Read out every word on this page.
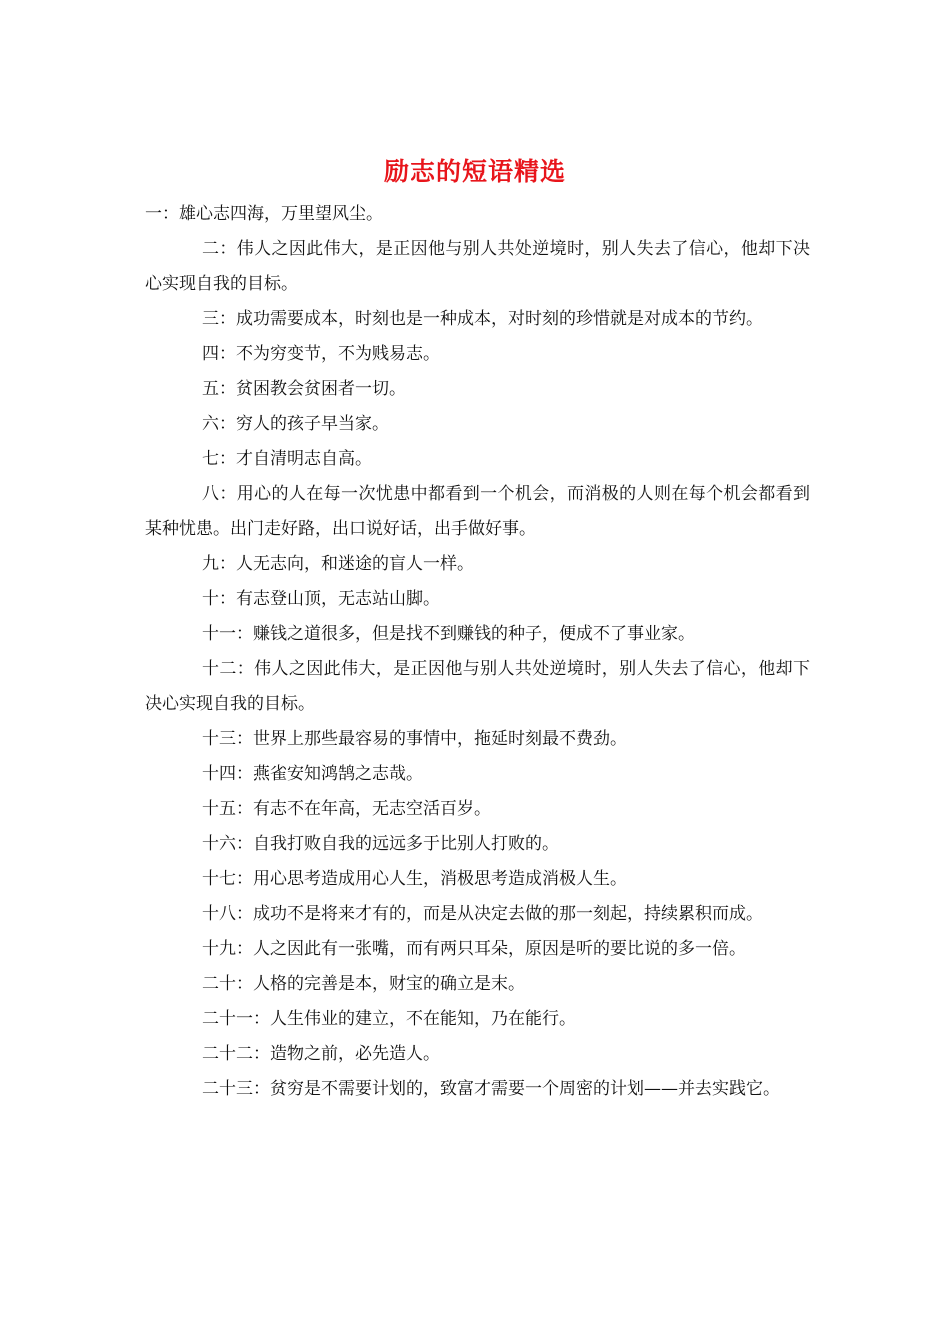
励志的短语精选

一：雄心志四海，万里望风尘。

二：伟人之因此伟大，是正因他与别人共处逆境时，别人失去了信心，他却下决心实现自我的目标。

三：成功需要成本，时刻也是一种成本，对时刻的珍惜就是对成本的节约。

四：不为穷变节，不为贱易志。

五：贫困教会贫困者一切。

六：穷人的孩子早当家。

七：才自清明志自高。

八：用心的人在每一次忧患中都看到一个机会，而消极的人则在每个机会都看到某种忧患。出门走好路，出口说好话，出手做好事。

九：人无志向，和迷途的盲人一样。

十：有志登山顶，无志站山脚。

十一：赚钱之道很多，但是找不到赚钱的种子，便成不了事业家。

十二：伟人之因此伟大，是正因他与别人共处逆境时，别人失去了信心，他却下决心实现自我的目标。

十三：世界上那些最容易的事情中，拖延时刻最不费劲。

十四：燕雀安知鸿鹄之志哉。

十五：有志不在年高，无志空活百岁。

十六：自我打败自我的远远多于比别人打败的。

十七：用心思考造成用心人生，消极思考造成消极人生。

十八：成功不是将来才有的，而是从决定去做的那一刻起，持续累积而成。

十九：人之因此有一张嘴，而有两只耳朵，原因是听的要比说的多一倍。

二十：人格的完善是本，财宝的确立是末。

二十一：人生伟业的建立，不在能知，乃在能行。

二十二：造物之前，必先造人。

二十三：贫穷是不需要计划的，致富才需要一个周密的计划——并去实践它。
